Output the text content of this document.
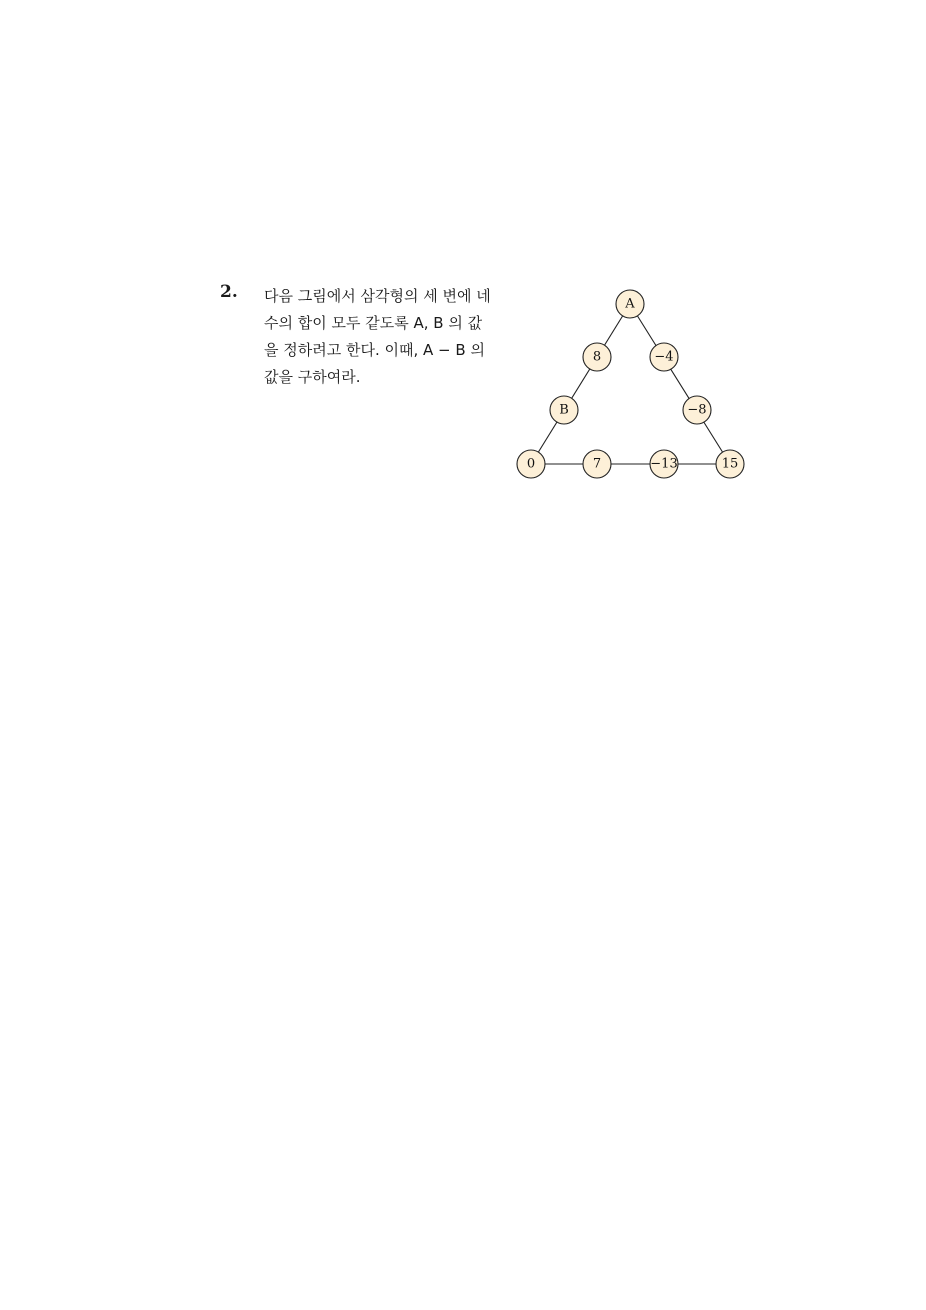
2. 다음 그림에서 삼각형의 세 변에 네
수의 합이 모두 같도록 A, B 의 값
을 정하려고 한다. 이때, A − B 의
값을 구하여라.
A
8
B
−4
−8
0	7	−13	15
